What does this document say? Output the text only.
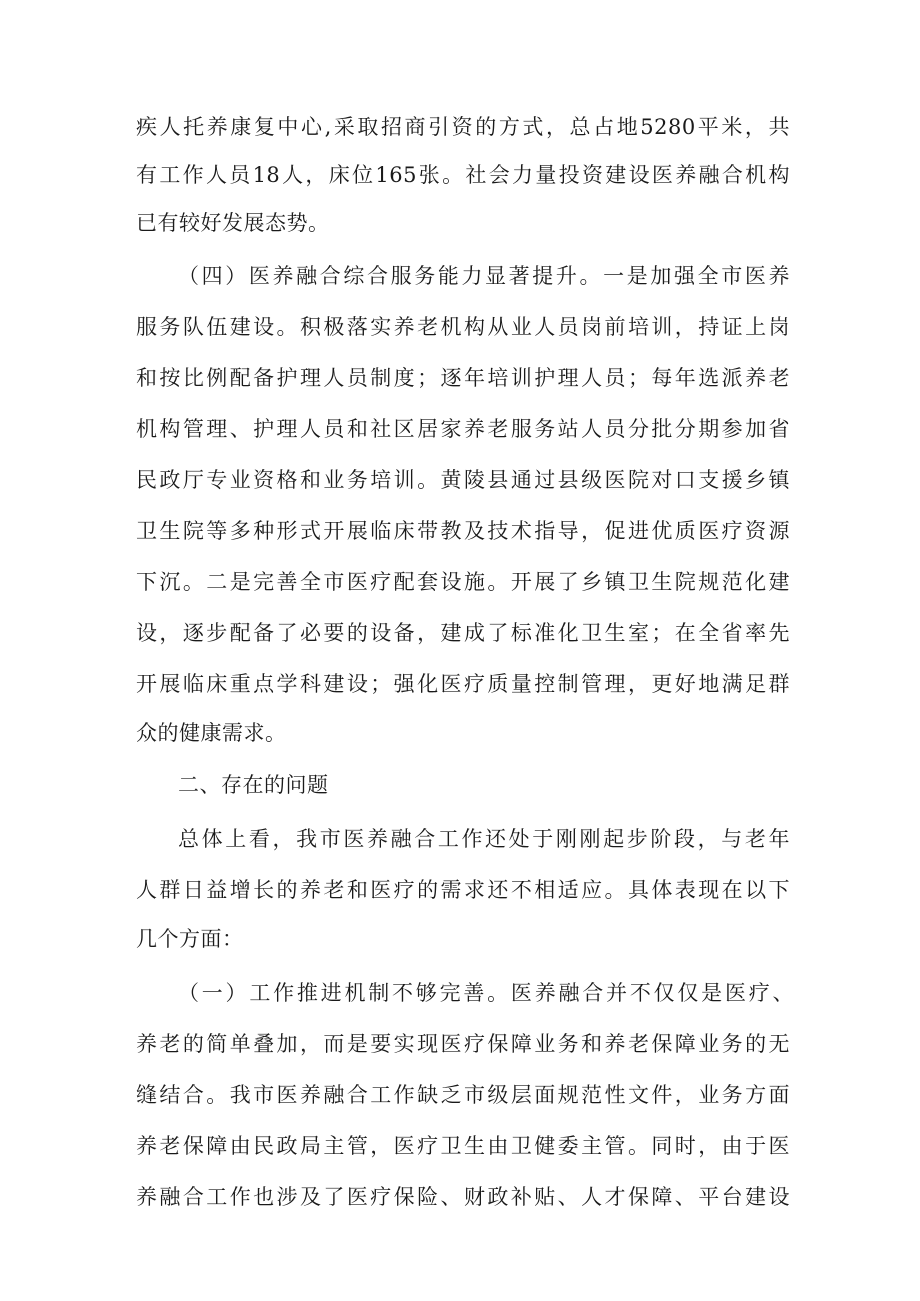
疾人托养康复中心,采取招商引资的方式，总占地5280平米，共
有工作人员18人，床位165张。社会力量投资建设医养融合机构
已有较好发展态势。
（四）医养融合综合服务能力显著提升。一是加强全市医养
服务队伍建设。积极落实养老机构从业人员岗前培训，持证上岗
和按比例配备护理人员制度；逐年培训护理人员；每年选派养老
机构管理、护理人员和社区居家养老服务站人员分批分期参加省
民政厅专业资格和业务培训。黄陵县通过县级医院对口支援乡镇
卫生院等多种形式开展临床带教及技术指导，促进优质医疗资源
下沉。二是完善全市医疗配套设施。开展了乡镇卫生院规范化建
设，逐步配备了必要的设备，建成了标准化卫生室；在全省率先
开展临床重点学科建设；强化医疗质量控制管理，更好地满足群
众的健康需求。
二、存在的问题
总体上看，我市医养融合工作还处于刚刚起步阶段，与老年
人群日益增长的养老和医疗的需求还不相适应。具体表现在以下
几个方面：
（一）工作推进机制不够完善。医养融合并不仅仅是医疗、
养老的简单叠加，而是要实现医疗保障业务和养老保障业务的无
缝结合。我市医养融合工作缺乏市级层面规范性文件，业务方面
养老保障由民政局主管，医疗卫生由卫健委主管。同时，由于医
养融合工作也涉及了医疗保险、财政补贴、人才保障、平台建设
